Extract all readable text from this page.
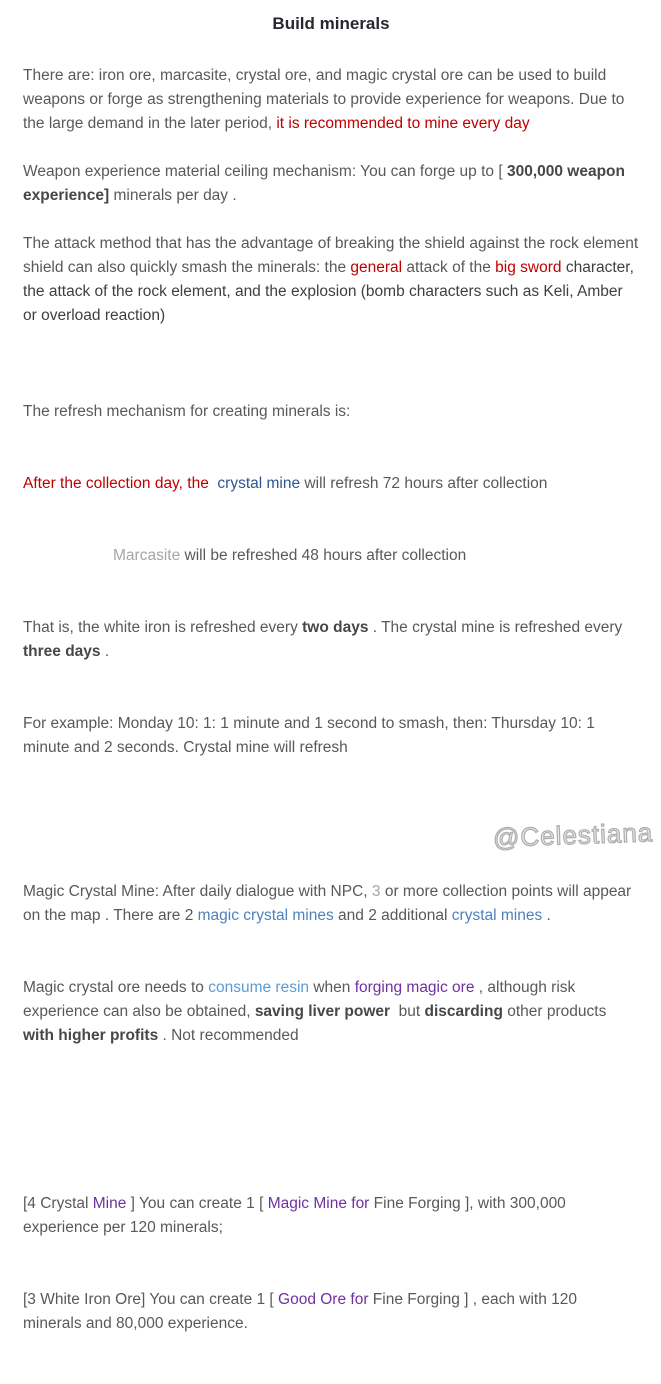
Build minerals

There are: iron ore, marcasite, crystal ore, and magic crystal ore can be used to build weapons or forge as strengthening materials to provide experience for weapons. Due to the large demand in the later period, it is recommended to mine every day

Weapon experience material ceiling mechanism: You can forge up to [ 300,000 weapon experience] minerals per day .

The attack method that has the advantage of breaking the shield against the rock element shield can also quickly smash the minerals: the general attack of the big sword character, the attack of the rock element, and the explosion (bomb characters such as Keli, Amber or overload reaction)

The refresh mechanism for creating minerals is:

After the collection day, the  crystal mine will refresh 72 hours after collection

Marcasite will be refreshed 48 hours after collection

That is, the white iron is refreshed every two days . The crystal mine is refreshed every three days .

For example: Monday 10: 1: 1 minute and 1 second to smash, then: Thursday 10: 1 minute and 2 seconds. Crystal mine will refresh

Magic Crystal Mine: After daily dialogue with NPC, 3 or more collection points will appear on the map . There are 2 magic crystal mines and 2 additional crystal mines .

Magic crystal ore needs to consume resin when forging magic ore , although risk experience can also be obtained, saving liver power  but discarding other products with higher profits . Not recommended

[4 Crystal Mine ] You can create 1 [ Magic Mine for Fine Forging ], with 300,000 experience per 120 minerals;

[3 White Iron Ore] You can create 1 [ Good Ore for Fine Forging ] , each with 120 minerals and 80,000 experience.

@Celestiana
